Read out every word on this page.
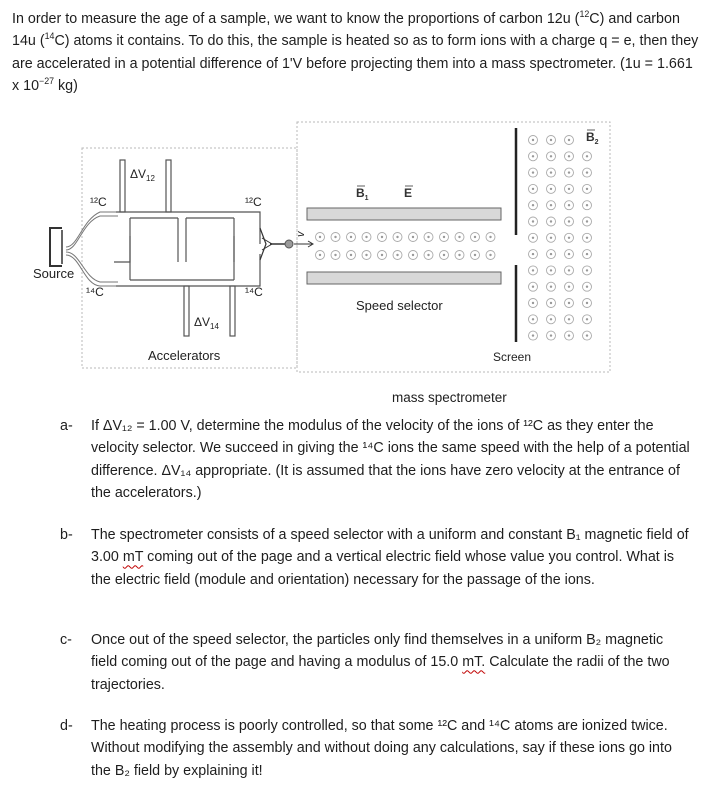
In order to measure the age of a sample, we want to know the proportions of carbon 12u ($^{12}$C) and carbon 14u ($^{14}$C) atoms it contains. To do this, the sample is heated so as to form ions with a charge q = e, then they are accelerated in a potential difference of 1'V before projecting them into a mass spectrometer. (1u = 1.661 x $10^{-27}$ kg)

Source
v
¹²C
¹⁴C
¹²C
¹⁴C
$\Delta V_{12}$
$\Delta V_{14}$
Accelerators
$B_1$	E
Speed selector
Screen
$B_2$

mass spectrometer

a-	If ΔV₁₂ = 1.00 V, determine the modulus of the velocity of the ions of ¹²C as they enter the velocity selector. We succeed in giving the ¹⁴C ions the same speed with the help of a potential difference. ΔV₁₄ appropriate. (It is assumed that the ions have zero velocity at the entrance of the accelerators.)
b-	The spectrometer consists of a speed selector with a uniform and constant B₁ magnetic field of 3.00 mT coming out of the page and a vertical electric field whose value you control. What is the electric field (module and orientation) necessary for the passage of the ions.
c-	Once out of the speed selector, the particles only find themselves in a uniform B₂ magnetic field coming out of the page and having a modulus of 15.0 mT. Calculate the radii of the two trajectories.
d-	The heating process is poorly controlled, so that some ¹²C and ¹⁴C atoms are ionized twice. Without modifying the assembly and without doing any calculations, say if these ions go into the B₂ field by explaining it!
